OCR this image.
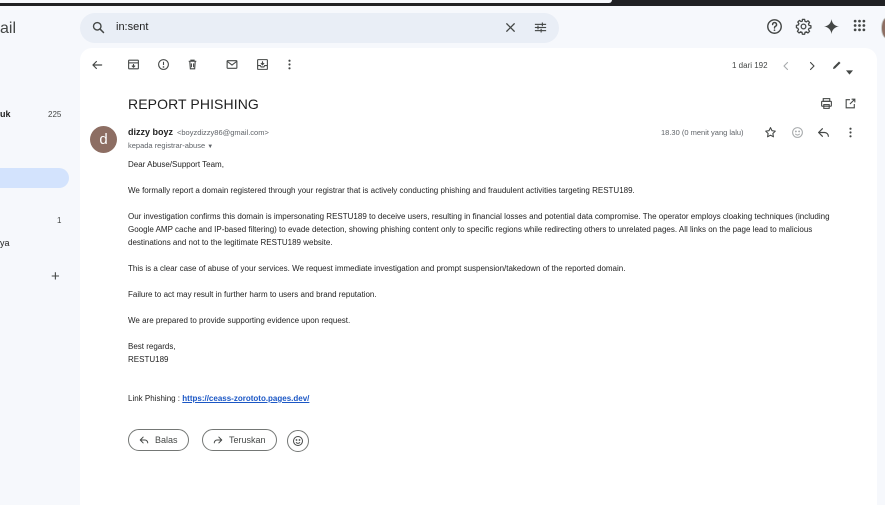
ail
uk	225
1
ya
+
in:sent
1 dari 192
REPORT PHISHING
d	dizzy boyz <boyzdizzy86@gmail.com>
kepada registrar-abuse ▼
18.30 (0 menit yang lalu)
Dear Abuse/Support Team,
We formally report a domain registered through your registrar that is actively conducting phishing and fraudulent activities targeting RESTU189.
Our investigation confirms this domain is impersonating RESTU189 to deceive users, resulting in financial losses and potential data compromise. The operator employs cloaking techniques (including Google AMP cache and IP-based filtering) to evade detection, showing phishing content only to specific regions while redirecting others to unrelated pages. All links on the page lead to malicious destinations and not to the legitimate RESTU189 website.
This is a clear case of abuse of your services. We request immediate investigation and prompt suspension/takedown of the reported domain.
Failure to act may result in further harm to users and brand reputation.
We are prepared to provide supporting evidence upon request.
Best regards,
RESTU189
Link Phishing : https://ceass-zorototo.pages.dev/
Balas	Teruskan
